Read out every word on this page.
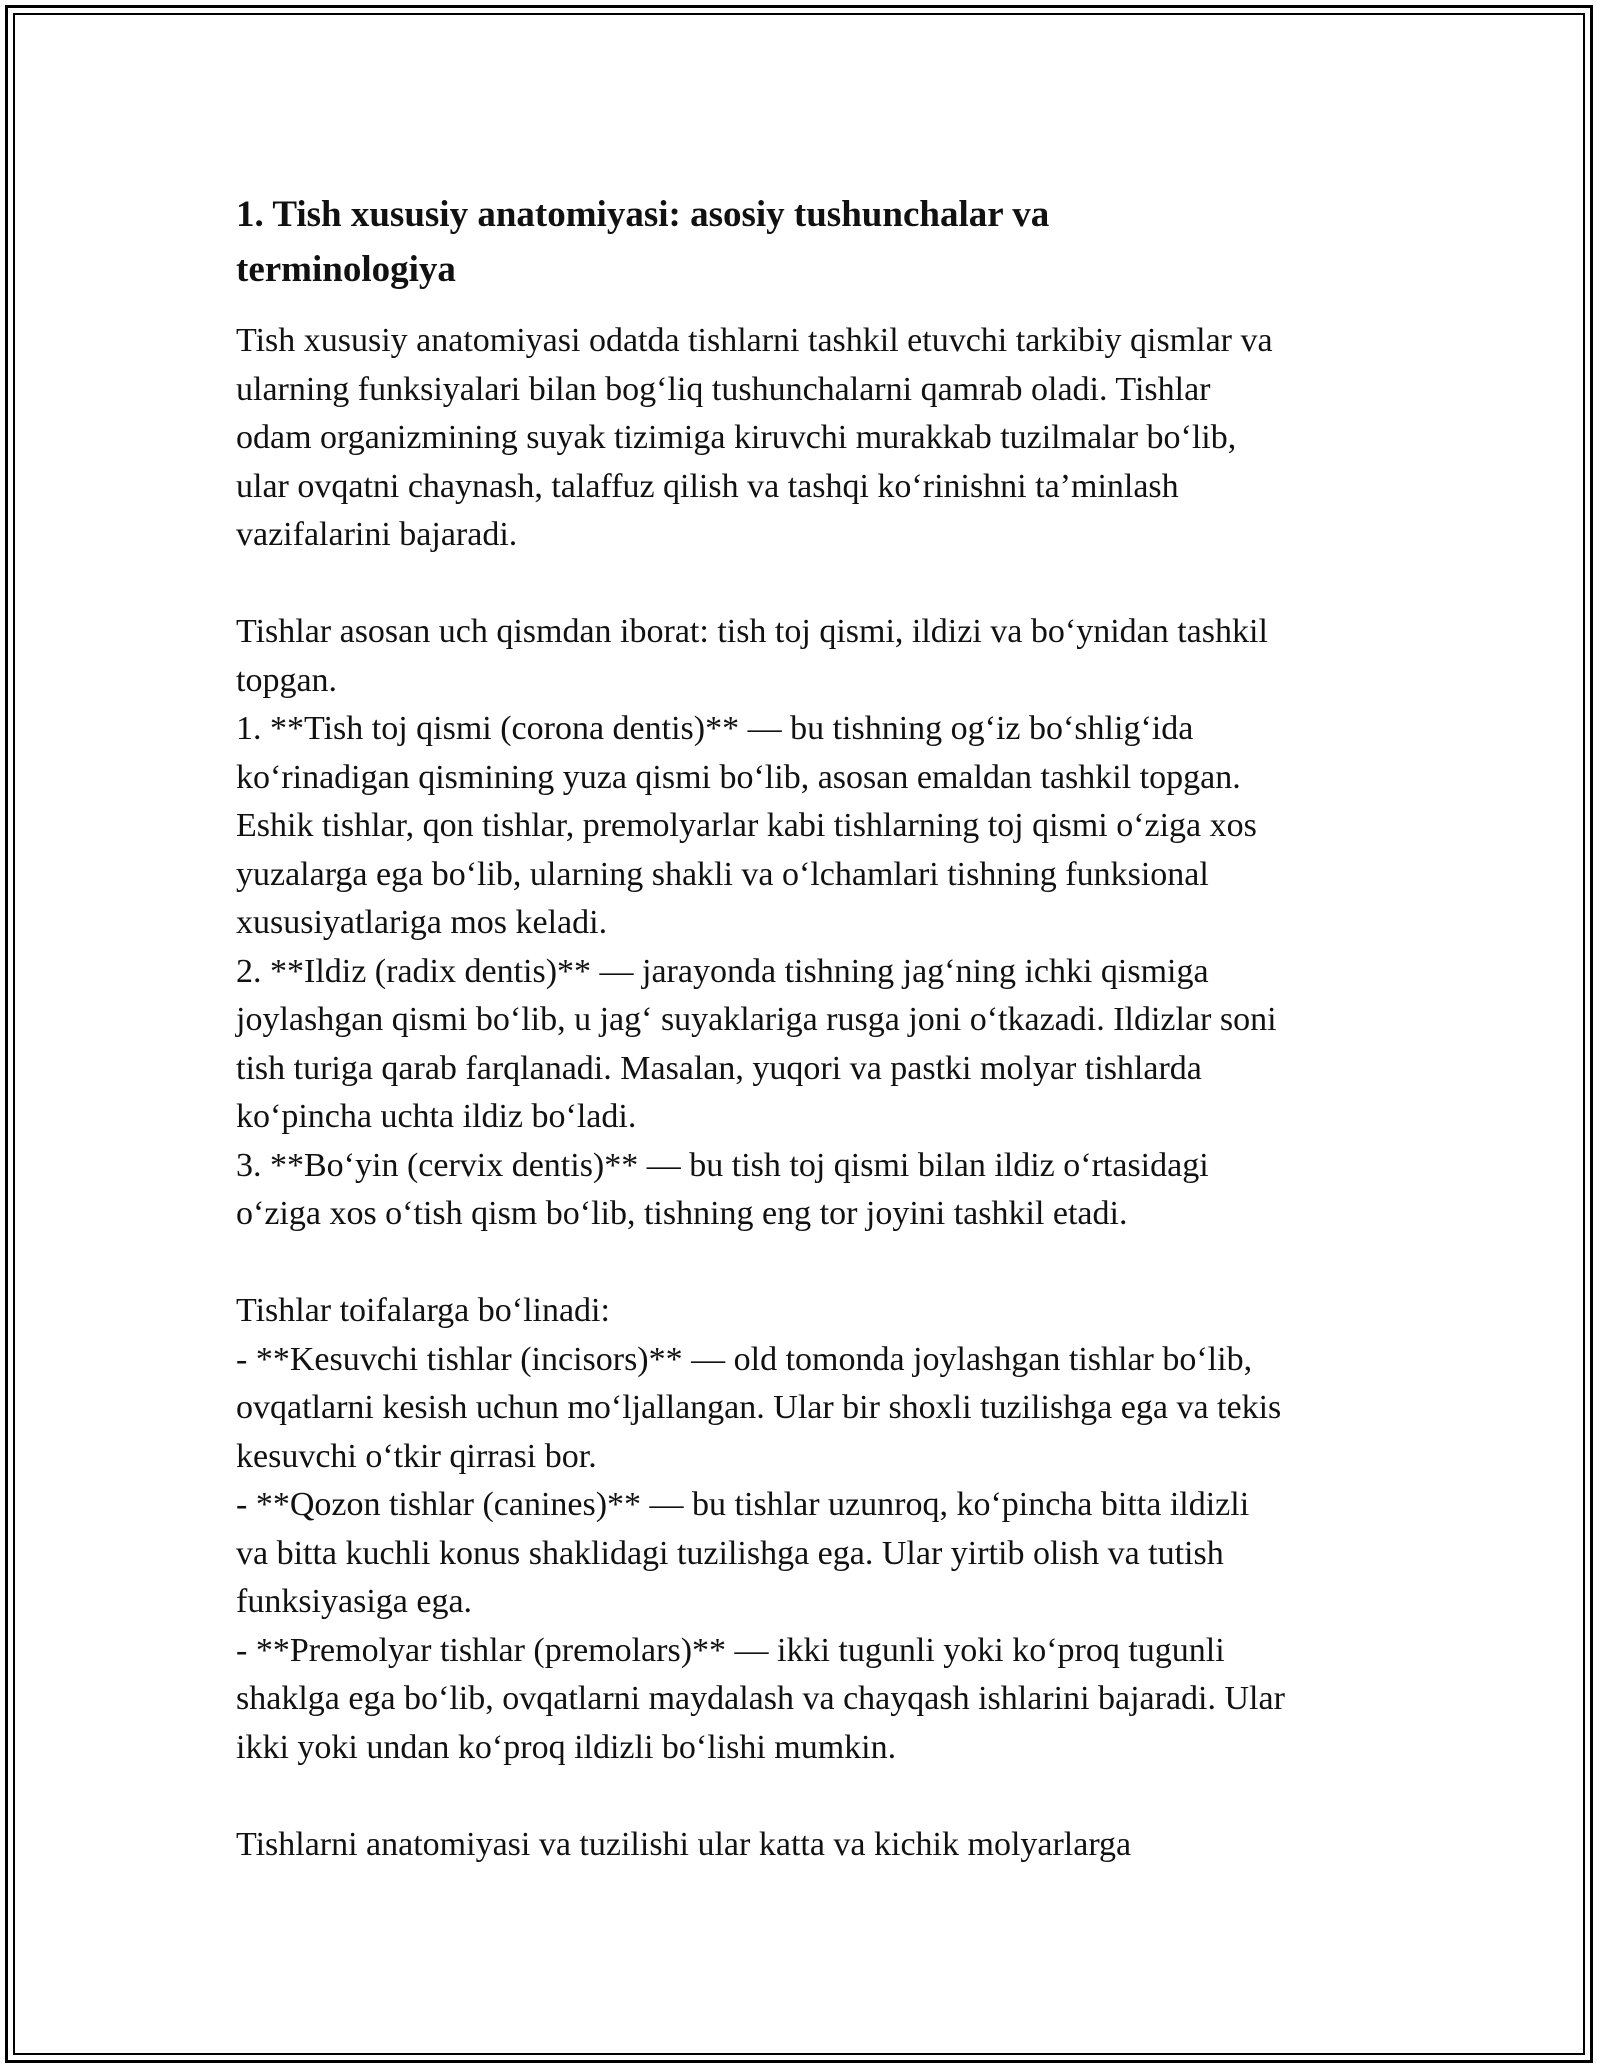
1. Tish xususiy anatomiyasi: asosiy tushunchalar va
terminologiya
Tish xususiy anatomiyasi odatda tishlarni tashkil etuvchi tarkibiy qismlar va
ularning funksiyalari bilan bog‘liq tushunchalarni qamrab oladi. Tishlar
odam organizmining suyak tizimiga kiruvchi murakkab tuzilmalar bo‘lib,
ular ovqatni chaynash, talaffuz qilish va tashqi ko‘rinishni ta’minlash
vazifalarini bajaradi.
Tishlar asosan uch qismdan iborat: tish toj qismi, ildizi va bo‘ynidan tashkil
topgan.
1. **Tish toj qismi (corona dentis)** — bu tishning og‘iz bo‘shlig‘ida
ko‘rinadigan qismining yuza qismi bo‘lib, asosan emaldan tashkil topgan.
Eshik tishlar, qon tishlar, premolyarlar kabi tishlarning toj qismi o‘ziga xos
yuzalarga ega bo‘lib, ularning shakli va o‘lchamlari tishning funksional
xususiyatlariga mos keladi.
2. **Ildiz (radix dentis)** — jarayonda tishning jag‘ning ichki qismiga
joylashgan qismi bo‘lib, u jag‘ suyaklariga rusga joni o‘tkazadi. Ildizlar soni
tish turiga qarab farqlanadi. Masalan, yuqori va pastki molyar tishlarda
ko‘pincha uchta ildiz bo‘ladi.
3. **Bo‘yin (cervix dentis)** — bu tish toj qismi bilan ildiz o‘rtasidagi
o‘ziga xos o‘tish qism bo‘lib, tishning eng tor joyini tashkil etadi.
Tishlar toifalarga bo‘linadi:
- **Kesuvchi tishlar (incisors)** — old tomonda joylashgan tishlar bo‘lib,
ovqatlarni kesish uchun mo‘ljallangan. Ular bir shoxli tuzilishga ega va tekis
kesuvchi o‘tkir qirrasi bor.
- **Qozon tishlar (canines)** — bu tishlar uzunroq, ko‘pincha bitta ildizli
va bitta kuchli konus shaklidagi tuzilishga ega. Ular yirtib olish va tutish
funksiyasiga ega.
- **Premolyar tishlar (premolars)** — ikki tugunli yoki ko‘proq tugunli
shaklga ega bo‘lib, ovqatlarni maydalash va chayqash ishlarini bajaradi. Ular
ikki yoki undan ko‘proq ildizli bo‘lishi mumkin.
Tishlarni anatomiyasi va tuzilishi ular katta va kichik molyarlarga
